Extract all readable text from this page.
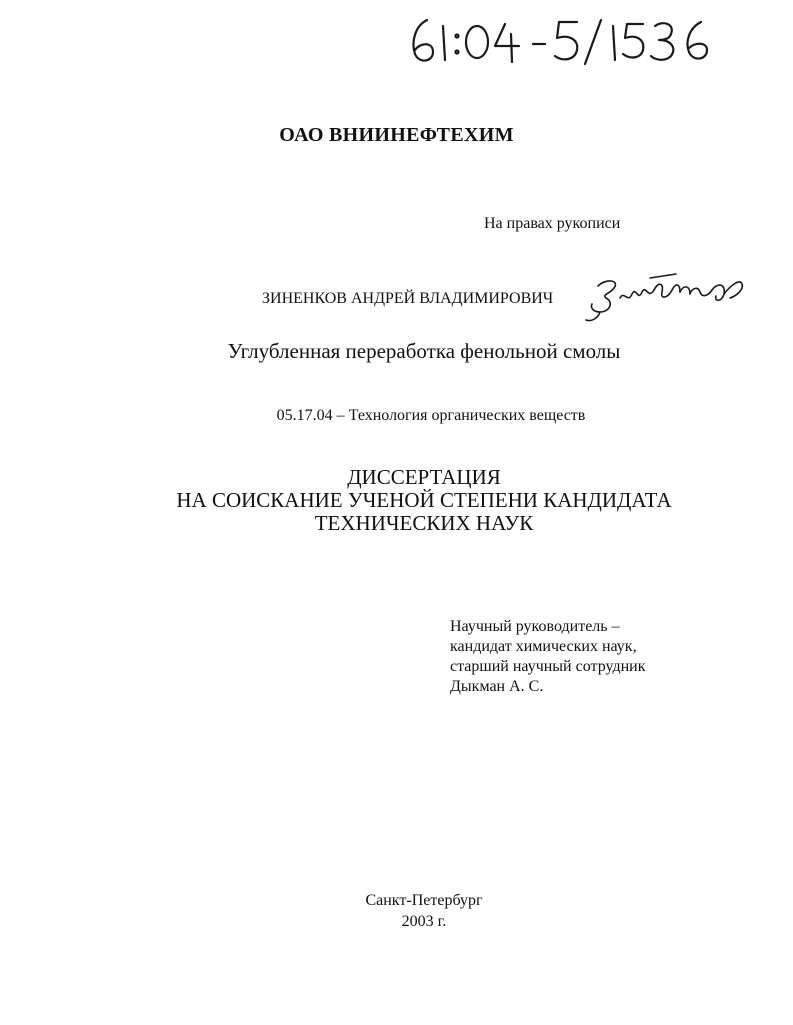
ОАО ВНИИНЕФТЕХИМ
На правах рукописи
ЗИНЕНКОВ АНДРЕЙ ВЛАДИМИРОВИЧ
Углубленная переработка фенольной смолы
05.17.04 – Технология органических веществ
ДИССЕРТАЦИЯ
НА СОИСКАНИЕ УЧЕНОЙ СТЕПЕНИ КАНДИДАТА
ТЕХНИЧЕСКИХ НАУК
Научный руководитель –
кандидат химических наук,
старший научный сотрудник
Дыкман А. С.
Санкт-Петербург
2003 г.
